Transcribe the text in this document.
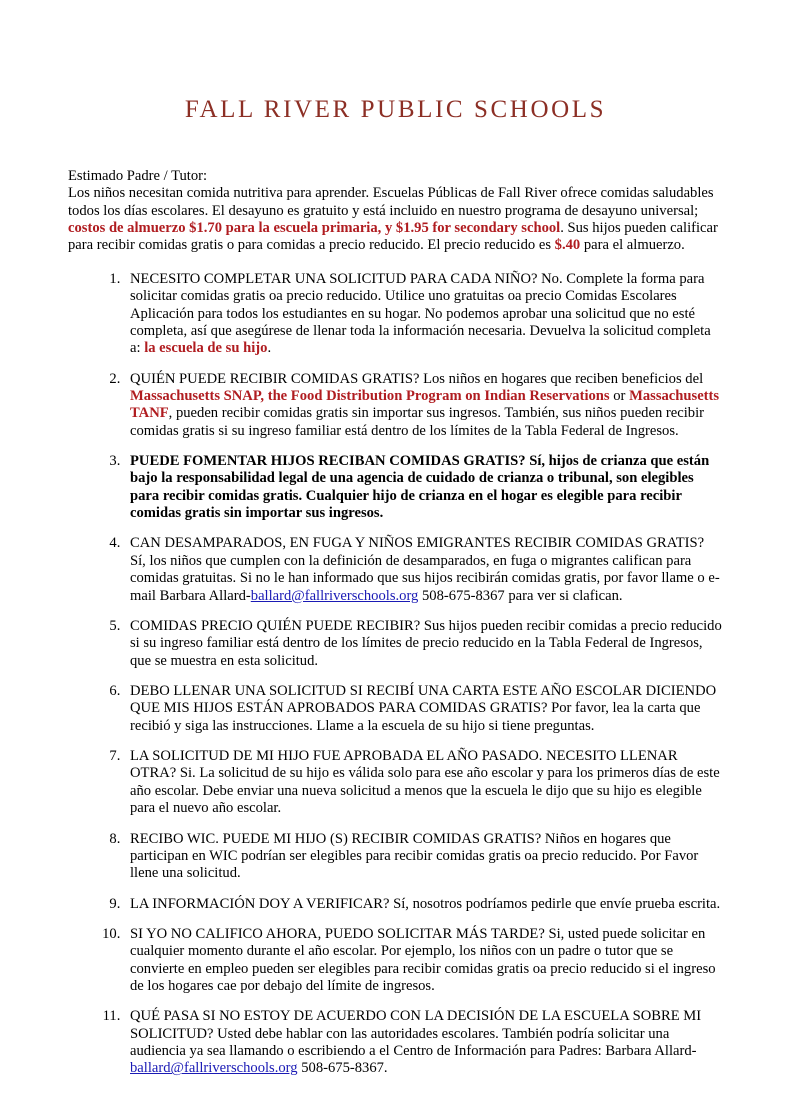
FALL RIVER PUBLIC SCHOOLS

Estimado Padre / Tutor:

Los niños necesitan comida nutritiva para aprender. Escuelas Públicas de Fall River ofrece comidas saludables todos los días escolares. El desayuno es gratuito y está incluido en nuestro programa de desayuno universal; costos de almuerzo $1.70 para la escuela primaria, y $1.95 for secondary school. Sus hijos pueden calificar para recibir comidas gratis o para comidas a precio reducido. El precio reducido es $.40 para el almuerzo.

1. NECESITO COMPLETAR UNA SOLICITUD PARA CADA NIÑO? No. Complete la forma para solicitar comidas gratis oa precio reducido. Utilice uno gratuitas oa precio Comidas Escolares Aplicación para todos los estudiantes en su hogar. No podemos aprobar una solicitud que no esté completa, así que asegúrese de llenar toda la información necesaria. Devuelva la solicitud completa a: la escuela de su hijo.
2. QUIÉN PUEDE RECIBIR COMIDAS GRATIS? Los niños en hogares que reciben beneficios del Massachusetts SNAP, the Food Distribution Program on Indian Reservations or Massachusetts TANF, pueden recibir comidas gratis sin importar sus ingresos. También, sus niños pueden recibir comidas gratis si su ingreso familiar está dentro de los límites de la Tabla Federal de Ingresos.
3. PUEDE FOMENTAR HIJOS RECIBAN COMIDAS GRATIS? Sí, hijos de crianza que están bajo la responsabilidad legal de una agencia de cuidado de crianza o tribunal, son elegibles para recibir comidas gratis. Cualquier hijo de crianza en el hogar es elegible para recibir comidas gratis sin importar sus ingresos.
4. CAN DESAMPARADOS, EN FUGA Y NIÑOS EMIGRANTES RECIBIR COMIDAS GRATIS? Sí, los niños que cumplen con la definición de desamparados, en fuga o migrantes califican para comidas gratuitas. Si no le han informado que sus hijos recibirán comidas gratis, por favor llame o e-mail Barbara Allard-ballard@fallriverschools.org 508-675-8367 para ver si clafican.
5. COMIDAS PRECIO QUIÉN PUEDE RECIBIR? Sus hijos pueden recibir comidas a precio reducido si su ingreso familiar está dentro de los límites de precio reducido en la Tabla Federal de Ingresos, que se muestra en esta solicitud.
6. DEBO LLENAR UNA SOLICITUD SI RECIBÍ UNA CARTA ESTE AÑO ESCOLAR DICIENDO QUE MIS HIJOS ESTÁN APROBADOS PARA COMIDAS GRATIS? Por favor, lea la carta que recibió y siga las instrucciones. Llame a la escuela de su hijo si tiene preguntas.
7. LA SOLICITUD DE MI HIJO FUE APROBADA EL AÑO PASADO. NECESITO LLENAR OTRA? Si. La solicitud de su hijo es válida solo para ese año escolar y para los primeros días de este año escolar. Debe enviar una nueva solicitud a menos que la escuela le dijo que su hijo es elegible para el nuevo año escolar.
8. RECIBO WIC. PUEDE MI HIJO (S) RECIBIR COMIDAS GRATIS? Niños en hogares que participan en WIC podrían ser elegibles para recibir comidas gratis oa precio reducido. Por Favor llene una solicitud.
9. LA INFORMACIÓN DOY A VERIFICAR? Sí, nosotros podríamos pedirle que envíe prueba escrita.
10. SI YO NO CALIFICO AHORA, PUEDO SOLICITAR MÁS TARDE? Si, usted puede solicitar en cualquier momento durante el año escolar. Por ejemplo, los niños con un padre o tutor que se convierte en empleo pueden ser elegibles para recibir comidas gratis oa precio reducido si el ingreso de los hogares cae por debajo del límite de ingresos.
11. QUÉ PASA SI NO ESTOY DE ACUERDO CON LA DECISIÓN DE LA ESCUELA SOBRE MI SOLICITUD? Usted debe hablar con las autoridades escolares. También podría solicitar una audiencia ya sea llamando o escribiendo a el Centro de Información para Padres: Barbara Allard- ballard@fallriverschools.org 508-675-8367.
